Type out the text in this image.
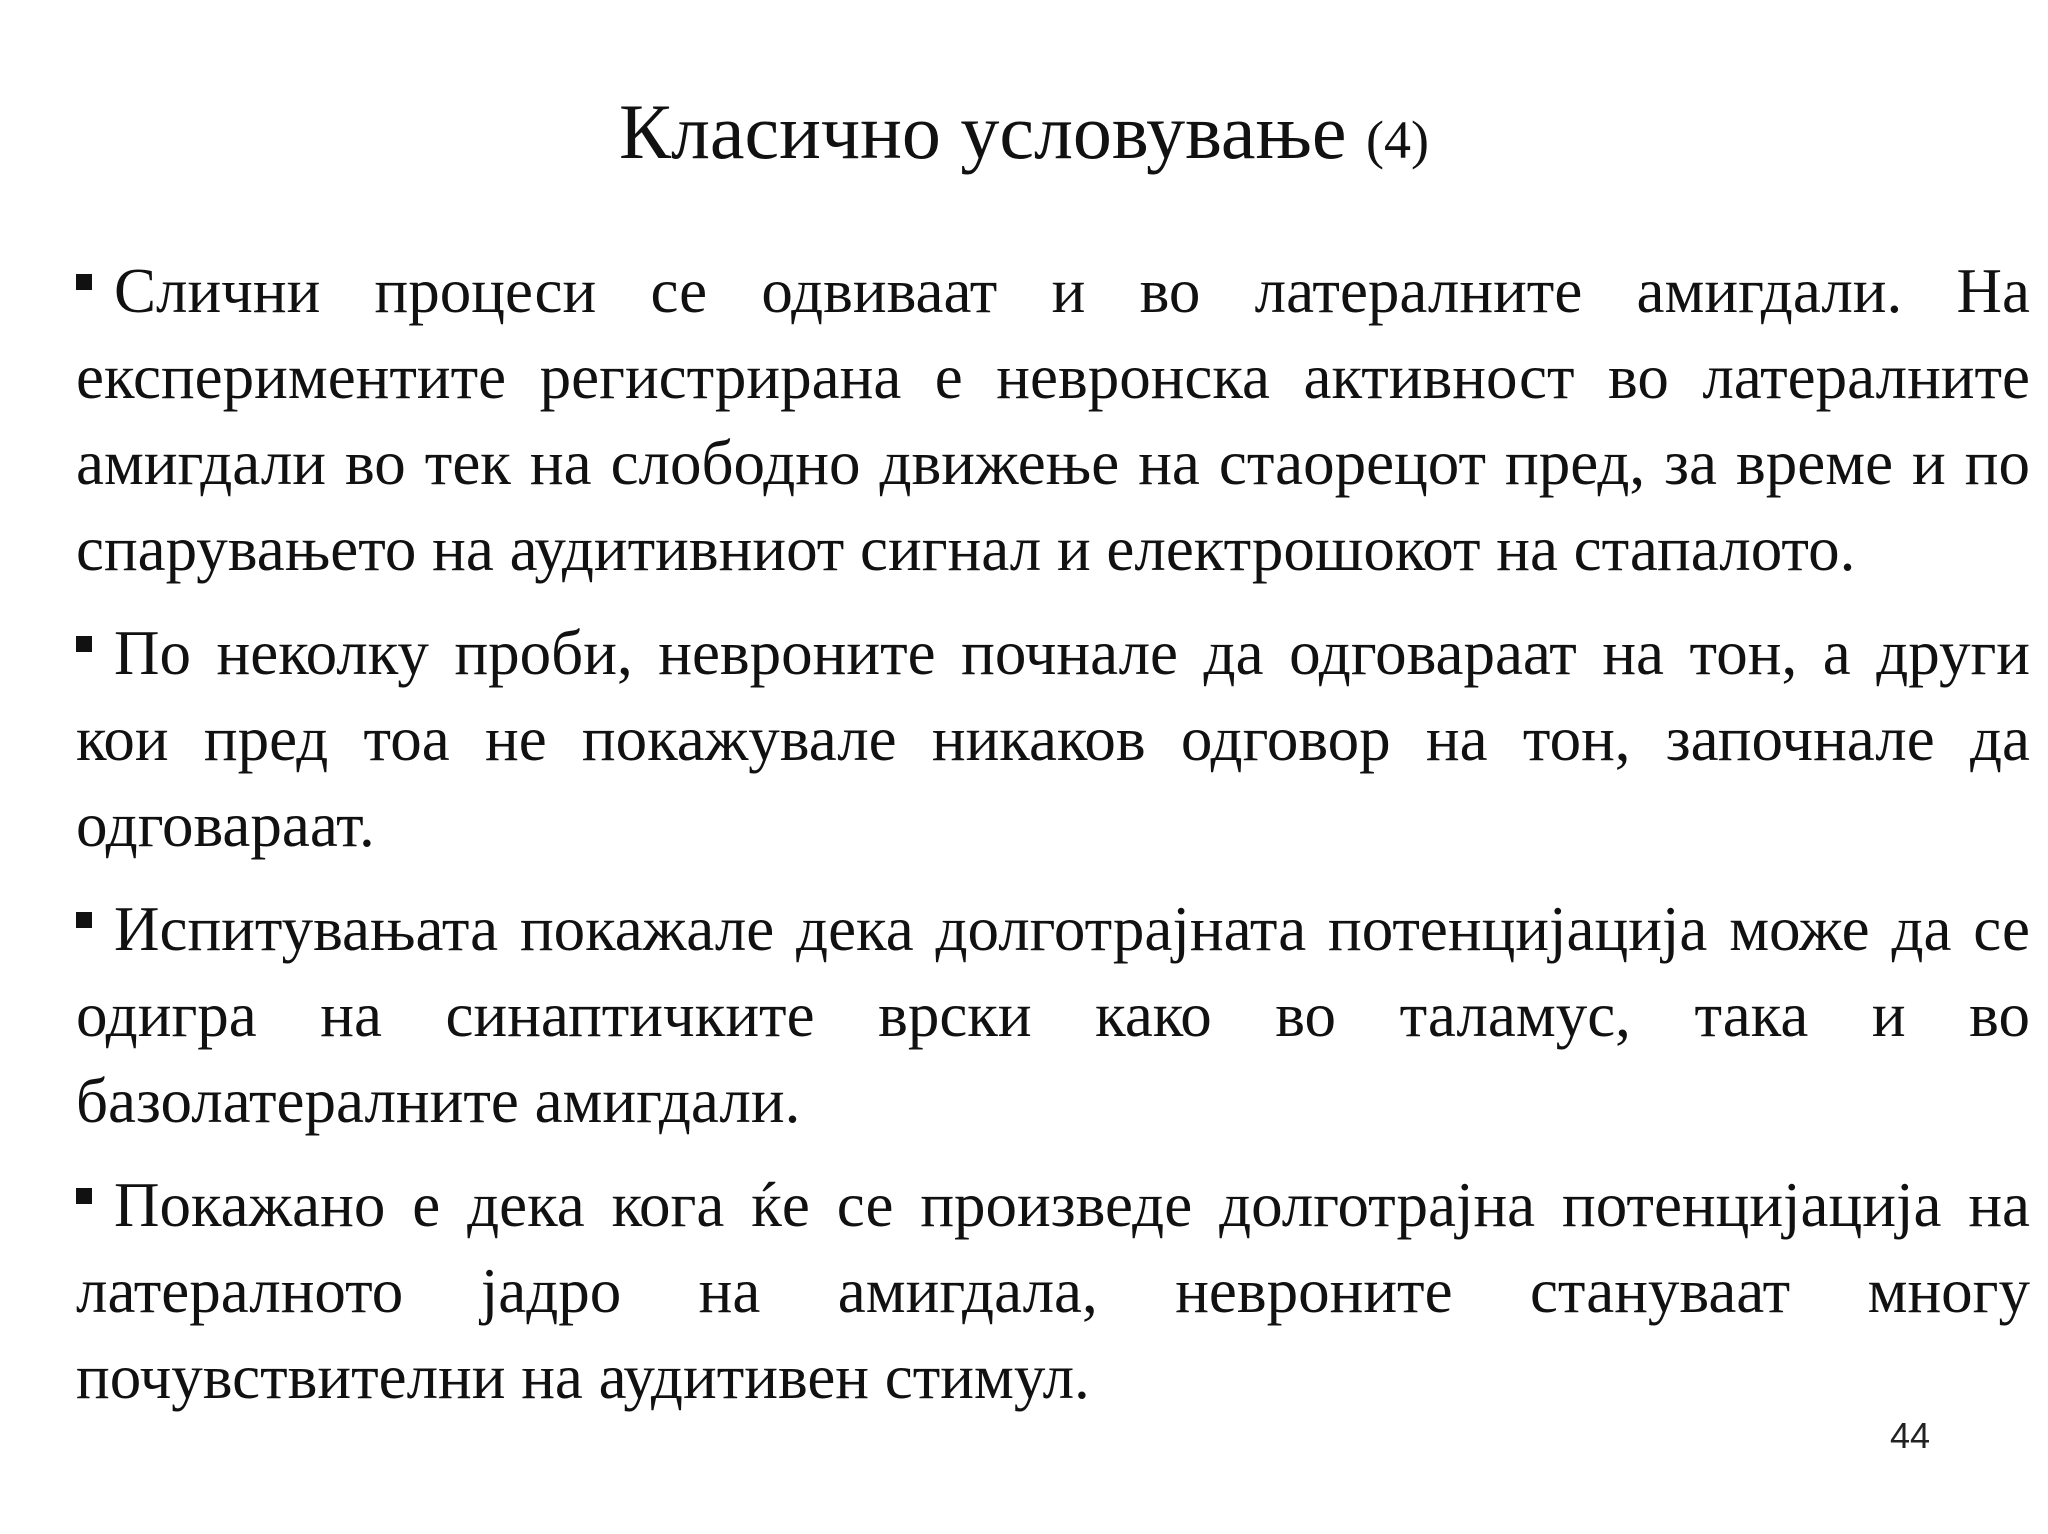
Класично условување (4)

Слични процеси се одвиваат и во латералните амигдали. На експериментите регистрирана е невронска активност во латералните амигдали во тек на слободно движење на стаорецот пред, за време и по спарувањето на аудитивниот сигнал и електрошокот на стапалото.

По неколку проби, невроните почнале да одговараат на тон, а други кои пред тоа не покажувале никаков одговор на тон, започнале да одговараат.

Испитувањата покажале дека долготрајната потенцијација може да се одигра на синаптичките врски како во таламус, така и во базолатералните амигдали.

Покажано е дека кога ќе се произведе долготрајна потенцијација на латералното јадро на амигдала, невроните стануваат многу почувствителни на аудитивен стимул.

44
